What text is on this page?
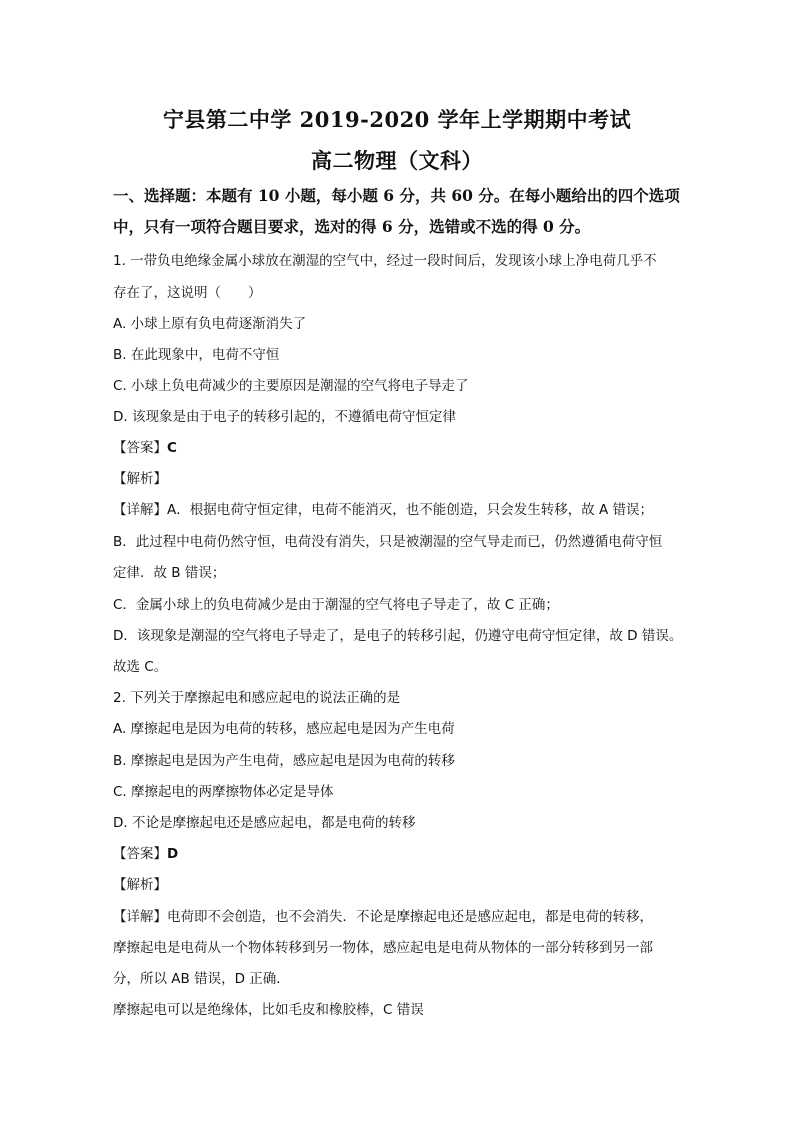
宁县第二中学 2019-2020 学年上学期期中考试
高二物理（文科）
一、选择题：本题有 10 小题，每小题 6 分，共 60 分。在每小题给出的四个选项
中，只有一项符合题目要求，选对的得 6 分，选错或不选的得 0 分。
1. 一带负电绝缘金属小球放在潮湿的空气中，经过一段时间后，发现该小球上净电荷几乎不
存在了，这说明（　　）
A. 小球上原有负电荷逐渐消失了
B. 在此现象中，电荷不守恒
C. 小球上负电荷减少的主要原因是潮湿的空气将电子导走了
D. 该现象是由于电子的转移引起的，不遵循电荷守恒定律
【答案】C
【解析】
【详解】A．根据电荷守恒定律，电荷不能消灭，也不能创造，只会发生转移，故 A 错误；
B．此过程中电荷仍然守恒，电荷没有消失，只是被潮湿的空气导走而已，仍然遵循电荷守恒
定律．故 B 错误；
C．金属小球上的负电荷减少是由于潮湿的空气将电子导走了，故 C 正确；
D．该现象是潮湿的空气将电子导走了，是电子的转移引起，仍遵守电荷守恒定律，故 D 错误。
故选 C。
2. 下列关于摩擦起电和感应起电的说法正确的是
A. 摩擦起电是因为电荷的转移，感应起电是因为产生电荷
B. 摩擦起电是因为产生电荷，感应起电是因为电荷的转移
C. 摩擦起电的两摩擦物体必定是导体
D. 不论是摩擦起电还是感应起电，都是电荷的转移
【答案】D
【解析】
【详解】电荷即不会创造，也不会消失．不论是摩擦起电还是感应起电，都是电荷的转移，
摩擦起电是电荷从一个物体转移到另一物体，感应起电是电荷从物体的一部分转移到另一部
分，所以 AB 错误，D 正确．
摩擦起电可以是绝缘体，比如毛皮和橡胶棒，C 错误
